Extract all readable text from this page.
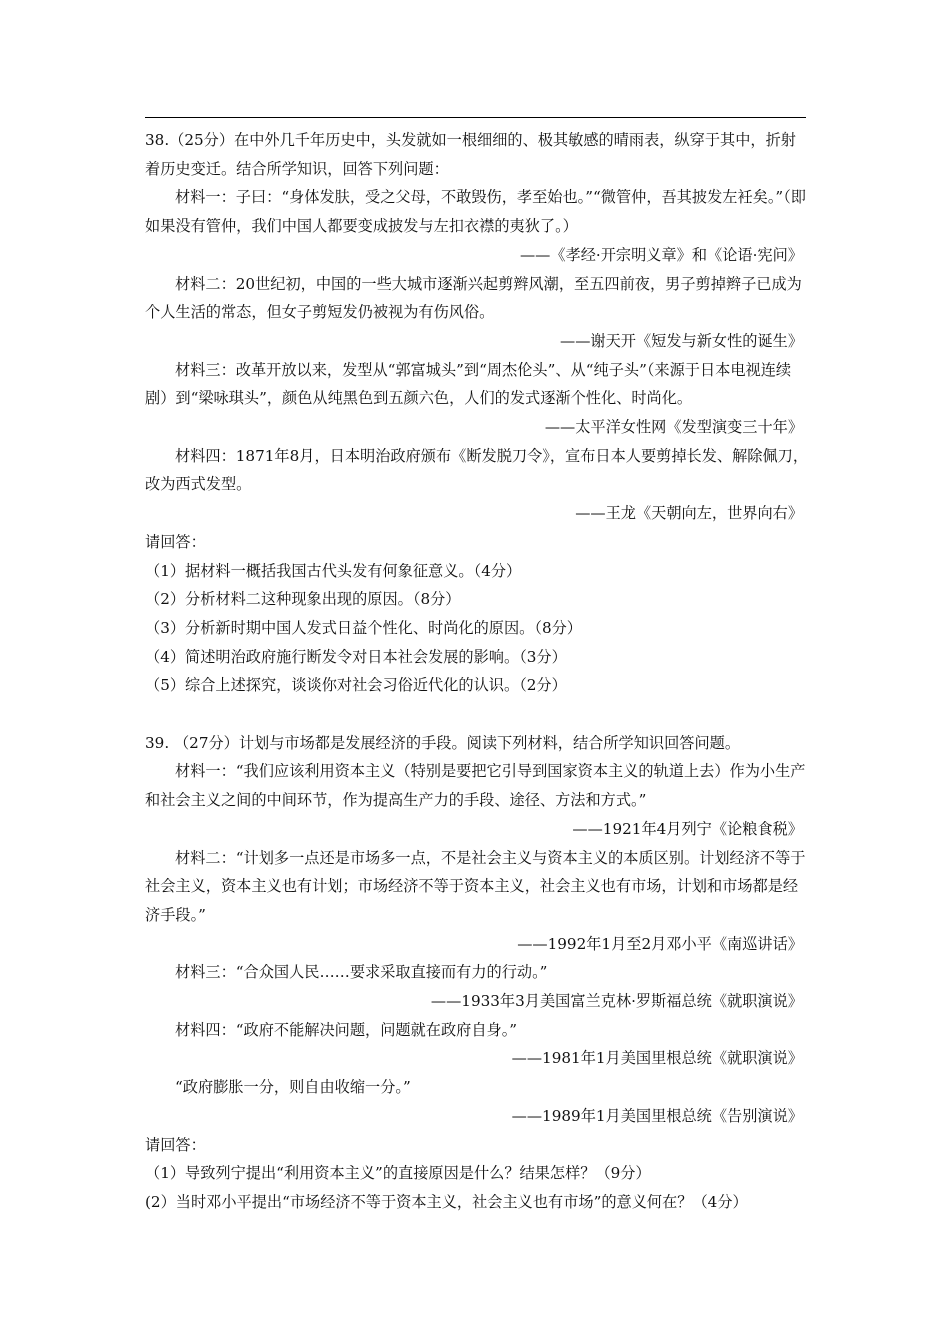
38.（25分）在中外几千年历史中，头发就如一根细细的、极其敏感的晴雨表，纵穿于其中，折射着历史变迁。结合所学知识，回答下列问题：

材料一：子曰：“身体发肤，受之父母，不敢毁伤，孝至始也。”“微管仲，吾其披发左衽矣。”（即如果没有管仲，我们中国人都要变成披发与左扣衣襟的夷狄了。）

——《孝经·开宗明义章》和《论语·宪问》

材料二：20世纪初，中国的一些大城市逐渐兴起剪辫风潮，至五四前夜，男子剪掉辫子已成为个人生活的常态，但女子剪短发仍被视为有伤风俗。

——谢天开《短发与新女性的诞生》

材料三：改革开放以来，发型从“郭富城头”到“周杰伦头”、从“纯子头”（来源于日本电视连续剧）到“梁咏琪头”，颜色从纯黑色到五颜六色，人们的发式逐渐个性化、时尚化。

——太平洋女性网《发型演变三十年》

材料四：1871年8月，日本明治政府颁布《断发脱刀令》，宣布日本人要剪掉长发、解除佩刀，改为西式发型。

——王龙《天朝向左，世界向右》

请回答：

（1）据材料一概括我国古代头发有何象征意义。（4分）

（2）分析材料二这种现象出现的原因。（8分）

（3）分析新时期中国人发式日益个性化、时尚化的原因。（8分）

（4）简述明治政府施行断发令对日本社会发展的影响。（3分）

（5）综合上述探究，谈谈你对社会习俗近代化的认识。（2分）

39. （27分）计划与市场都是发展经济的手段。阅读下列材料，结合所学知识回答问题。

材料一：“我们应该利用资本主义（特别是要把它引导到国家资本主义的轨道上去）作为小生产和社会主义之间的中间环节，作为提高生产力的手段、途径、方法和方式。”

——1921年4月列宁《论粮食税》

材料二：“计划多一点还是市场多一点，不是社会主义与资本主义的本质区别。计划经济不等于社会主义，资本主义也有计划；市场经济不等于资本主义，社会主义也有市场，计划和市场都是经济手段。”

——1992年1月至2月邓小平《南巡讲话》

材料三：“合众国人民……要求采取直接而有力的行动。”

——1933年3月美国富兰克林·罗斯福总统《就职演说》

材料四：“政府不能解决问题，问题就在政府自身。”

——1981年1月美国里根总统《就职演说》

“政府膨胀一分，则自由收缩一分。”

——1989年1月美国里根总统《告别演说》

请回答：

（1）导致列宁提出“利用资本主义”的直接原因是什么？结果怎样？（9分）

(2）当时邓小平提出“市场经济不等于资本主义，社会主义也有市场”的意义何在？（4分）
